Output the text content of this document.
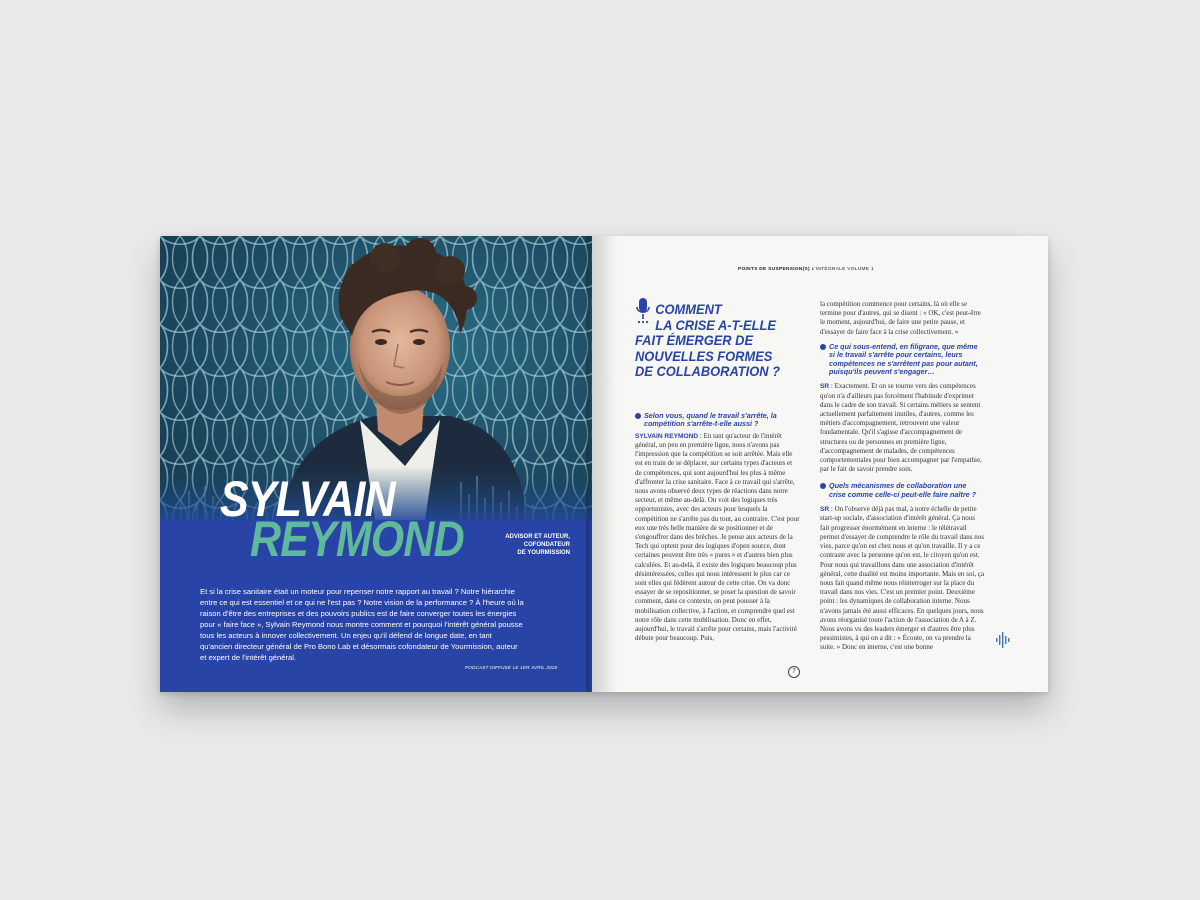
SYLVAIN
REYMOND	ADVISOR ET AUTEUR,
COFONDATEUR
DE YOURMISSION
Et si la crise sanitaire était un moteur pour repenser notre rapport au travail ? Notre hiérarchie entre ce qui est essentiel et ce qui ne l'est pas ? Notre vision de la performance ? À l'heure où la raison d'être des entreprises et des pouvoirs publics est de faire converger toutes les énergies pour « faire face », Sylvain Reymond nous montre comment et pourquoi l'intérêt général pousse tous les acteurs à innover collectivement. Un enjeu qu'il défend de longue date, en tant qu'ancien directeur général de Pro Bono Lab et désormais cofondateur de Yourmission, auteur et expert de l'intérêt général.
PODCAST DIFFUSÉ LE 1ER AVRIL 2020
POINTS DE SUSPENSION(S) L'INTÉGRALE VOLUME 1
COMMENT
LA CRISE A-T-ELLE
FAIT ÉMERGER DE
NOUVELLES FORMES
DE COLLABORATION ?
Selon vous, quand le travail s'arrête, la compétition s'arrête-t-elle aussi ?

SYLVAIN REYMOND : En tant qu'acteur de l'intérêt général, un peu en première ligne, nous n'avons pas l'impression que la compétition se soit arrêtée. Mais elle est en train de se déplacer, sur certains types d'acteurs et de compétences, qui sont aujourd'hui les plus à même d'affronter la crise sanitaire. Face à ce travail qui s'arrête, nous avons observé deux types de réactions dans notre secteur, et même au-delà. On voit des logiques très opportunistes, avec des acteurs pour lesquels la compétition ne s'arrête pas du tout, au contraire. C'est pour eux une très belle manière de se positionner et de s'engouffrer dans des brèches. Je pense aux acteurs de la Tech qui optent pour des logiques d'open source, dont certaines peuvent être très « pures » et d'autres bien plus calculées. Et au-delà, il existe des logiques beaucoup plus désintéressées, celles qui nous intéressent le plus car ce sont elles qui fédèrent autour de cette crise. On va donc essayer de se repositionner, se poser la question de savoir comment, dans ce contexte, on peut pousser à la mobilisation collective, à l'action, et comprendre quel est notre rôle dans cette mobilisation. Donc en effet, aujourd'hui, le travail s'arrête pour certains, mais l'activité débute pour beaucoup. Puis,

la compétition commence pour certains, là où elle se termine pour d'autres, qui se disent : « OK, c'est peut-être le moment, aujourd'hui, de faire une petite pause, et d'essayer de faire face à la crise collectivement. »

Ce qui sous-entend, en filigrane, que même si le travail s'arrête pour certains, leurs compétences ne s'arrêtent pas pour autant, puisqu'ils peuvent s'engager…

SR : Exactement. Et on se tourne vers des compétences qu'on n'a d'ailleurs pas forcément l'habitude d'exprimer dans le cadre de son travail. Si certains métiers se sentent actuellement parfaitement inutiles, d'autres, comme les métiers d'accompagnement, retrouvent une valeur fondamentale. Qu'il s'agisse d'accompagnement de structures ou de personnes en première ligne, d'accompagnement de malades, de compétences comportementales pour bien accompagner par l'empathie, par le fait de savoir prendre soin.

Quels mécanismes de collaboration une crise comme celle-ci peut-elle faire naître ?

SR : On l'observe déjà pas mal, à notre échelle de petite start-up sociale, d'association d'intérêt général. Ça nous fait progresser énormément en interne : le télétravail permet d'essayer de comprendre le rôle du travail dans nos vies, parce qu'on est chez nous et qu'on travaille. Il y a ce contraste avec la personne qu'on est, le citoyen qu'on est. Pour nous qui travaillons dans une association d'intérêt général, cette dualité est moins importante. Mais en soi, ça nous fait quand même nous réinterroger sur la place du travail dans nos vies. C'est un premier point. Deuxième point : les dynamiques de collaboration interne. Nous n'avons jamais été aussi efficaces. En quelques jours, nous avons réorganisé toute l'action de l'association de A à Z. Nous avons vu des leaders émerger et d'autres être plus pessimistes, à qui on a dit : « Écoute, on va prendre la suite. » Donc en interne, c'est une bonne

7
